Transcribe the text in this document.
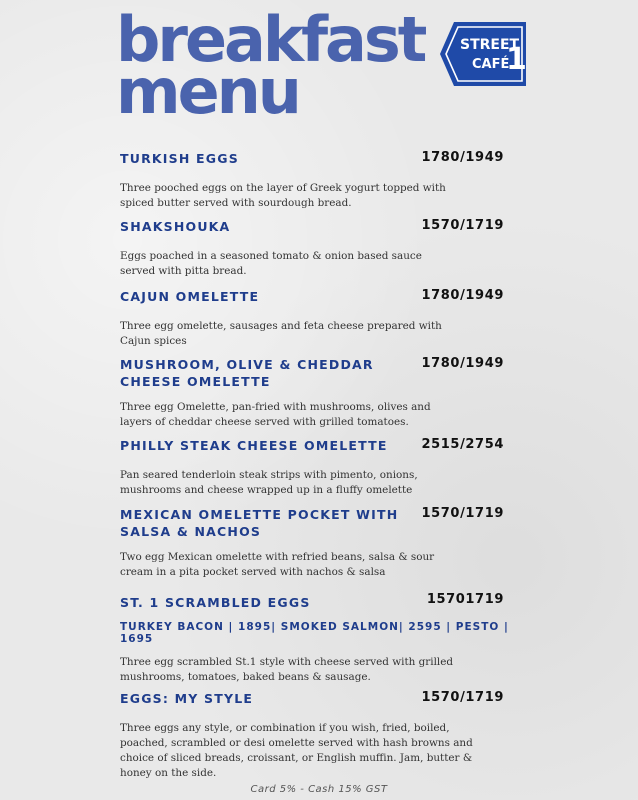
breakfast
menu
STREET
CAFÉ
1
TURKISH EGGS	1780/1949
Three pooched eggs on the layer of Greek yogurt topped with spiced butter served with sourdough bread.
SHAKSHOUKA	1570/1719
Eggs poached in a seasoned tomato & onion based sauce served with pitta bread.
CAJUN OMELETTE	1780/1949
Three egg omelette, sausages and feta cheese prepared with Cajun spices
MUSHROOM, OLIVE & CHEDDAR CHEESE OMELETTE
1780/1949
Three egg Omelette, pan-fried with mushrooms, olives and layers of cheddar cheese served with grilled tomatoes.
PHILLY STEAK CHEESE OMELETTE	2515/2754
Pan seared tenderloin steak strips with pimento, onions, mushrooms and cheese wrapped up in a fluffy omelette
MEXICAN OMELETTE POCKET WITH SALSA & NACHOS
1570/1719
Two egg Mexican omelette with refried beans, salsa & sour cream in a pita pocket served with nachos & salsa
ST. 1 SCRAMBLED EGGS	15701719
TURKEY BACON | 1895| SMOKED SALMON| 2595 | PESTO | 1695
Three egg scrambled St.1 style with cheese served with grilled mushrooms, tomatoes, baked beans & sausage.
EGGS: MY STYLE	1570/1719
Three eggs any style, or combination if you wish, fried, boiled, poached, scrambled or desi omelette served with hash browns and choice of sliced breads, croissant, or English muffin. Jam, butter & honey on the side.
Card 5% - Cash 15% GST
